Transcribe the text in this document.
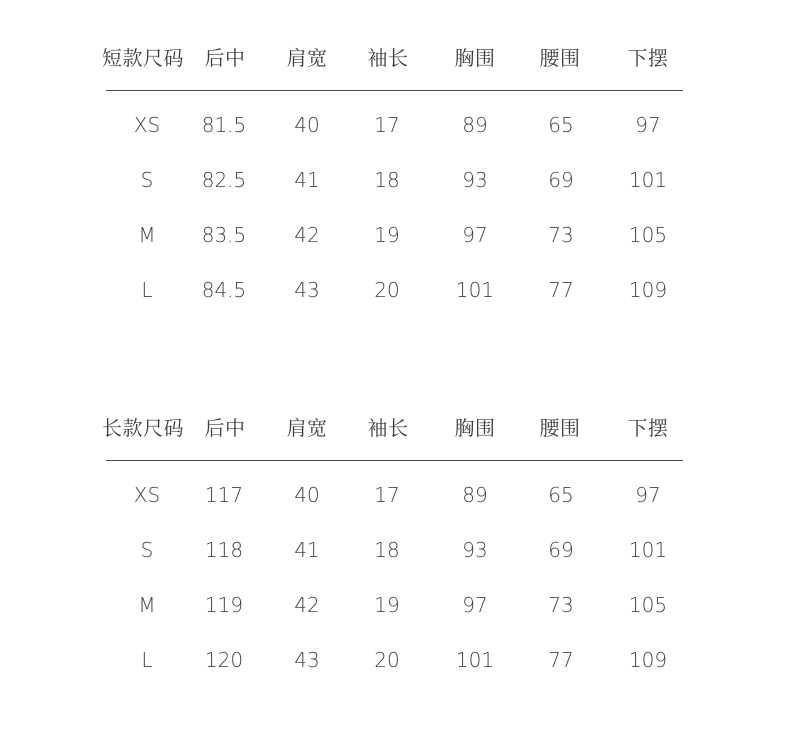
短款尺码 后中 肩宽 袖长 胸围 腰围 下摆
XS 81.5 40	17	89	65	97
S 82.5 41	18	93	69	101
M 83.5 42	19	97	73	105
L 84.5 43	20	101	77	109
长款尺码 后中 肩宽 袖长 胸围 腰围 下摆
XS 117	40	17	89	65	97
S	118	41	18	93	69	101
M 119	42	19	97	73	105
L	120	43	20	101	77	109
